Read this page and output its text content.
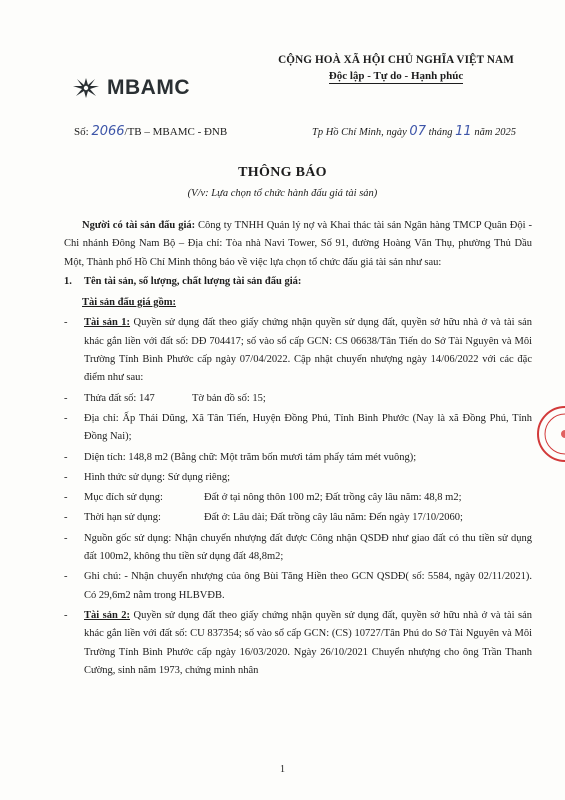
MBAMC
CỘNG HOÀ XÃ HỘI CHỦ NGHĨA VIỆT NAM
Độc lập - Tự do - Hạnh phúc
Số: 2066/TB – MBAMC - ĐNB	Tp Hồ Chí Minh, ngày 07 tháng 11 năm 2025
THÔNG BÁO
(V/v: Lựa chọn tổ chức hành đấu giá tài sản)

Người có tài sản đấu giá: Công ty TNHH Quản lý nợ và Khai thác tài sản Ngân hàng TMCP Quân Đội - Chi nhánh Đông Nam Bộ – Địa chỉ: Tòa nhà Navi Tower, Số 91, đường Hoàng Văn Thụ, phường Thủ Dầu Một, Thành phố Hồ Chí Minh thông báo về việc lựa chọn tổ chức đấu giá tài sản như sau:

1. Tên tài sản, số lượng, chất lượng tài sản đấu giá:

Tài sản đấu giá gồm:

- Tài sản 1: Quyền sử dụng đất theo giấy chứng nhận quyền sử dụng đất, quyền sở hữu nhà ở và tài sản khác gắn liền với đất số: DĐ 704417; số vào sổ cấp GCN: CS 06638/Tân Tiến do Sở Tài Nguyên và Môi Trường Tỉnh Bình Phước cấp ngày 07/04/2022. Cập nhật chuyển nhượng ngày 14/06/2022 với các đặc điểm như sau:

- Thửa đất số: 147	Tờ bản đồ số: 15;

- Địa chỉ: Ấp Thái Dũng, Xã Tân Tiến, Huyện Đồng Phú, Tỉnh Bình Phước (Nay là xã Đồng Phú, Tỉnh Đồng Nai);

- Diện tích: 148,8 m2 (Bằng chữ: Một trăm bốn mươi tám phẩy tám mét vuông);

- Hình thức sử dụng: Sử dụng riêng;

- Mục đích sử dụng:	Đất ở tại nông thôn 100 m2; Đất trồng cây lâu năm: 48,8 m2;

- Thời hạn sử dụng:	Đất ở: Lâu dài; Đất trồng cây lâu năm: Đến ngày 17/10/2060;

- Nguồn gốc sử dụng: Nhận chuyển nhượng đất được Công nhận QSDĐ như giao đất có thu tiền sử dụng đất 100m2, không thu tiền sử dụng đất 48,8m2;

- Ghi chú: - Nhận chuyển nhượng của ông Bùi Tăng Hiền theo GCN QSDĐ( số: 5584, ngày 02/11/2021). Có 29,6m2 nằm trong HLBVĐB.

- Tài sản 2: Quyền sử dụng đất theo giấy chứng nhận quyền sử dụng đất, quyền sở hữu nhà ở và tài sản khác gắn liền với đất số: CU 837354; số vào sổ cấp GCN: (CS) 10727/Tân Phú do Sở Tài Nguyên và Môi Trường Tỉnh Bình Phước cấp ngày 16/03/2020. Ngày 26/10/2021 Chuyển nhượng cho ông Trần Thanh Cường, sinh năm 1973, chứng minh nhân

1
